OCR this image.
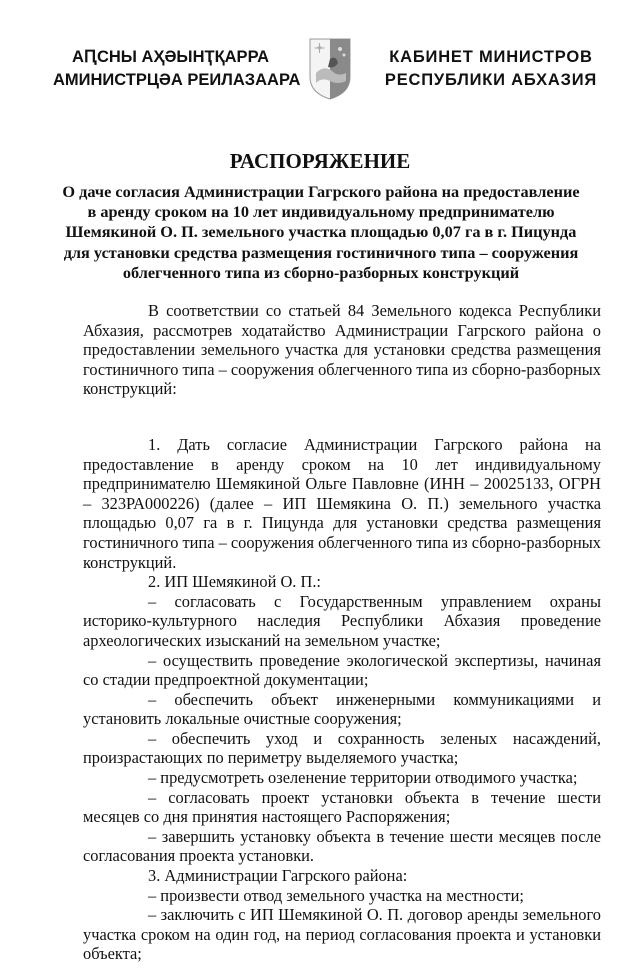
АԤСНЫ АҲӘЫНҬҚАРРА
АМИНИСТРЦӘА РЕИЛАЗААРА
КАБИНЕТ МИНИСТРОВ
РЕСПУБЛИКИ АБХАЗИЯ
РАСПОРЯЖЕНИЕ
О даче согласия Администрации Гагрского района на предоставление в аренду сроком на 10 лет индивидуальному предпринимателю Шемякиной О. П. земельного участка площадью 0,07 га в г. Пицунда для установки средства размещения гостиничного типа – сооружения облегченного типа из сборно-разборных конструкций

В соответствии со статьей 84 Земельного кодекса Республики Абхазия, рассмотрев ходатайство Администрации Гагрского района о предоставлении земельного участка для установки средства размещения гостиничного типа – сооружения облегченного типа из сборно-разборных конструкций:

1. Дать согласие Администрации Гагрского района на предоставление в аренду сроком на 10 лет индивидуальному предпринимателю Шемякиной Ольге Павловне (ИНН – 20025133, ОГРН – 323РА000226) (далее – ИП Шемякина О. П.) земельного участка площадью 0,07 га в г. Пицунда для установки средства размещения гостиничного типа – сооружения облегченного типа из сборно-разборных конструкций.

2. ИП Шемякиной О. П.:

– согласовать с Государственным управлением охраны историко-культурного наследия Республики Абхазия проведение археологических изысканий на земельном участке;

– осуществить проведение экологической экспертизы, начиная со стадии предпроектной документации;

– обеспечить объект инженерными коммуникациями и установить локальные очистные сооружения;

– обеспечить уход и сохранность зеленых насаждений, произрастающих по периметру выделяемого участка;

– предусмотреть озеленение территории отводимого участка;

– согласовать проект установки объекта в течение шести месяцев со дня принятия настоящего Распоряжения;

– завершить установку объекта в течение шести месяцев после согласования проекта установки.

3. Администрации Гагрского района:

– произвести отвод земельного участка на местности;

– заключить с ИП Шемякиной О. П. договор аренды земельного участка сроком на один год, на период согласования проекта и установки объекта;
